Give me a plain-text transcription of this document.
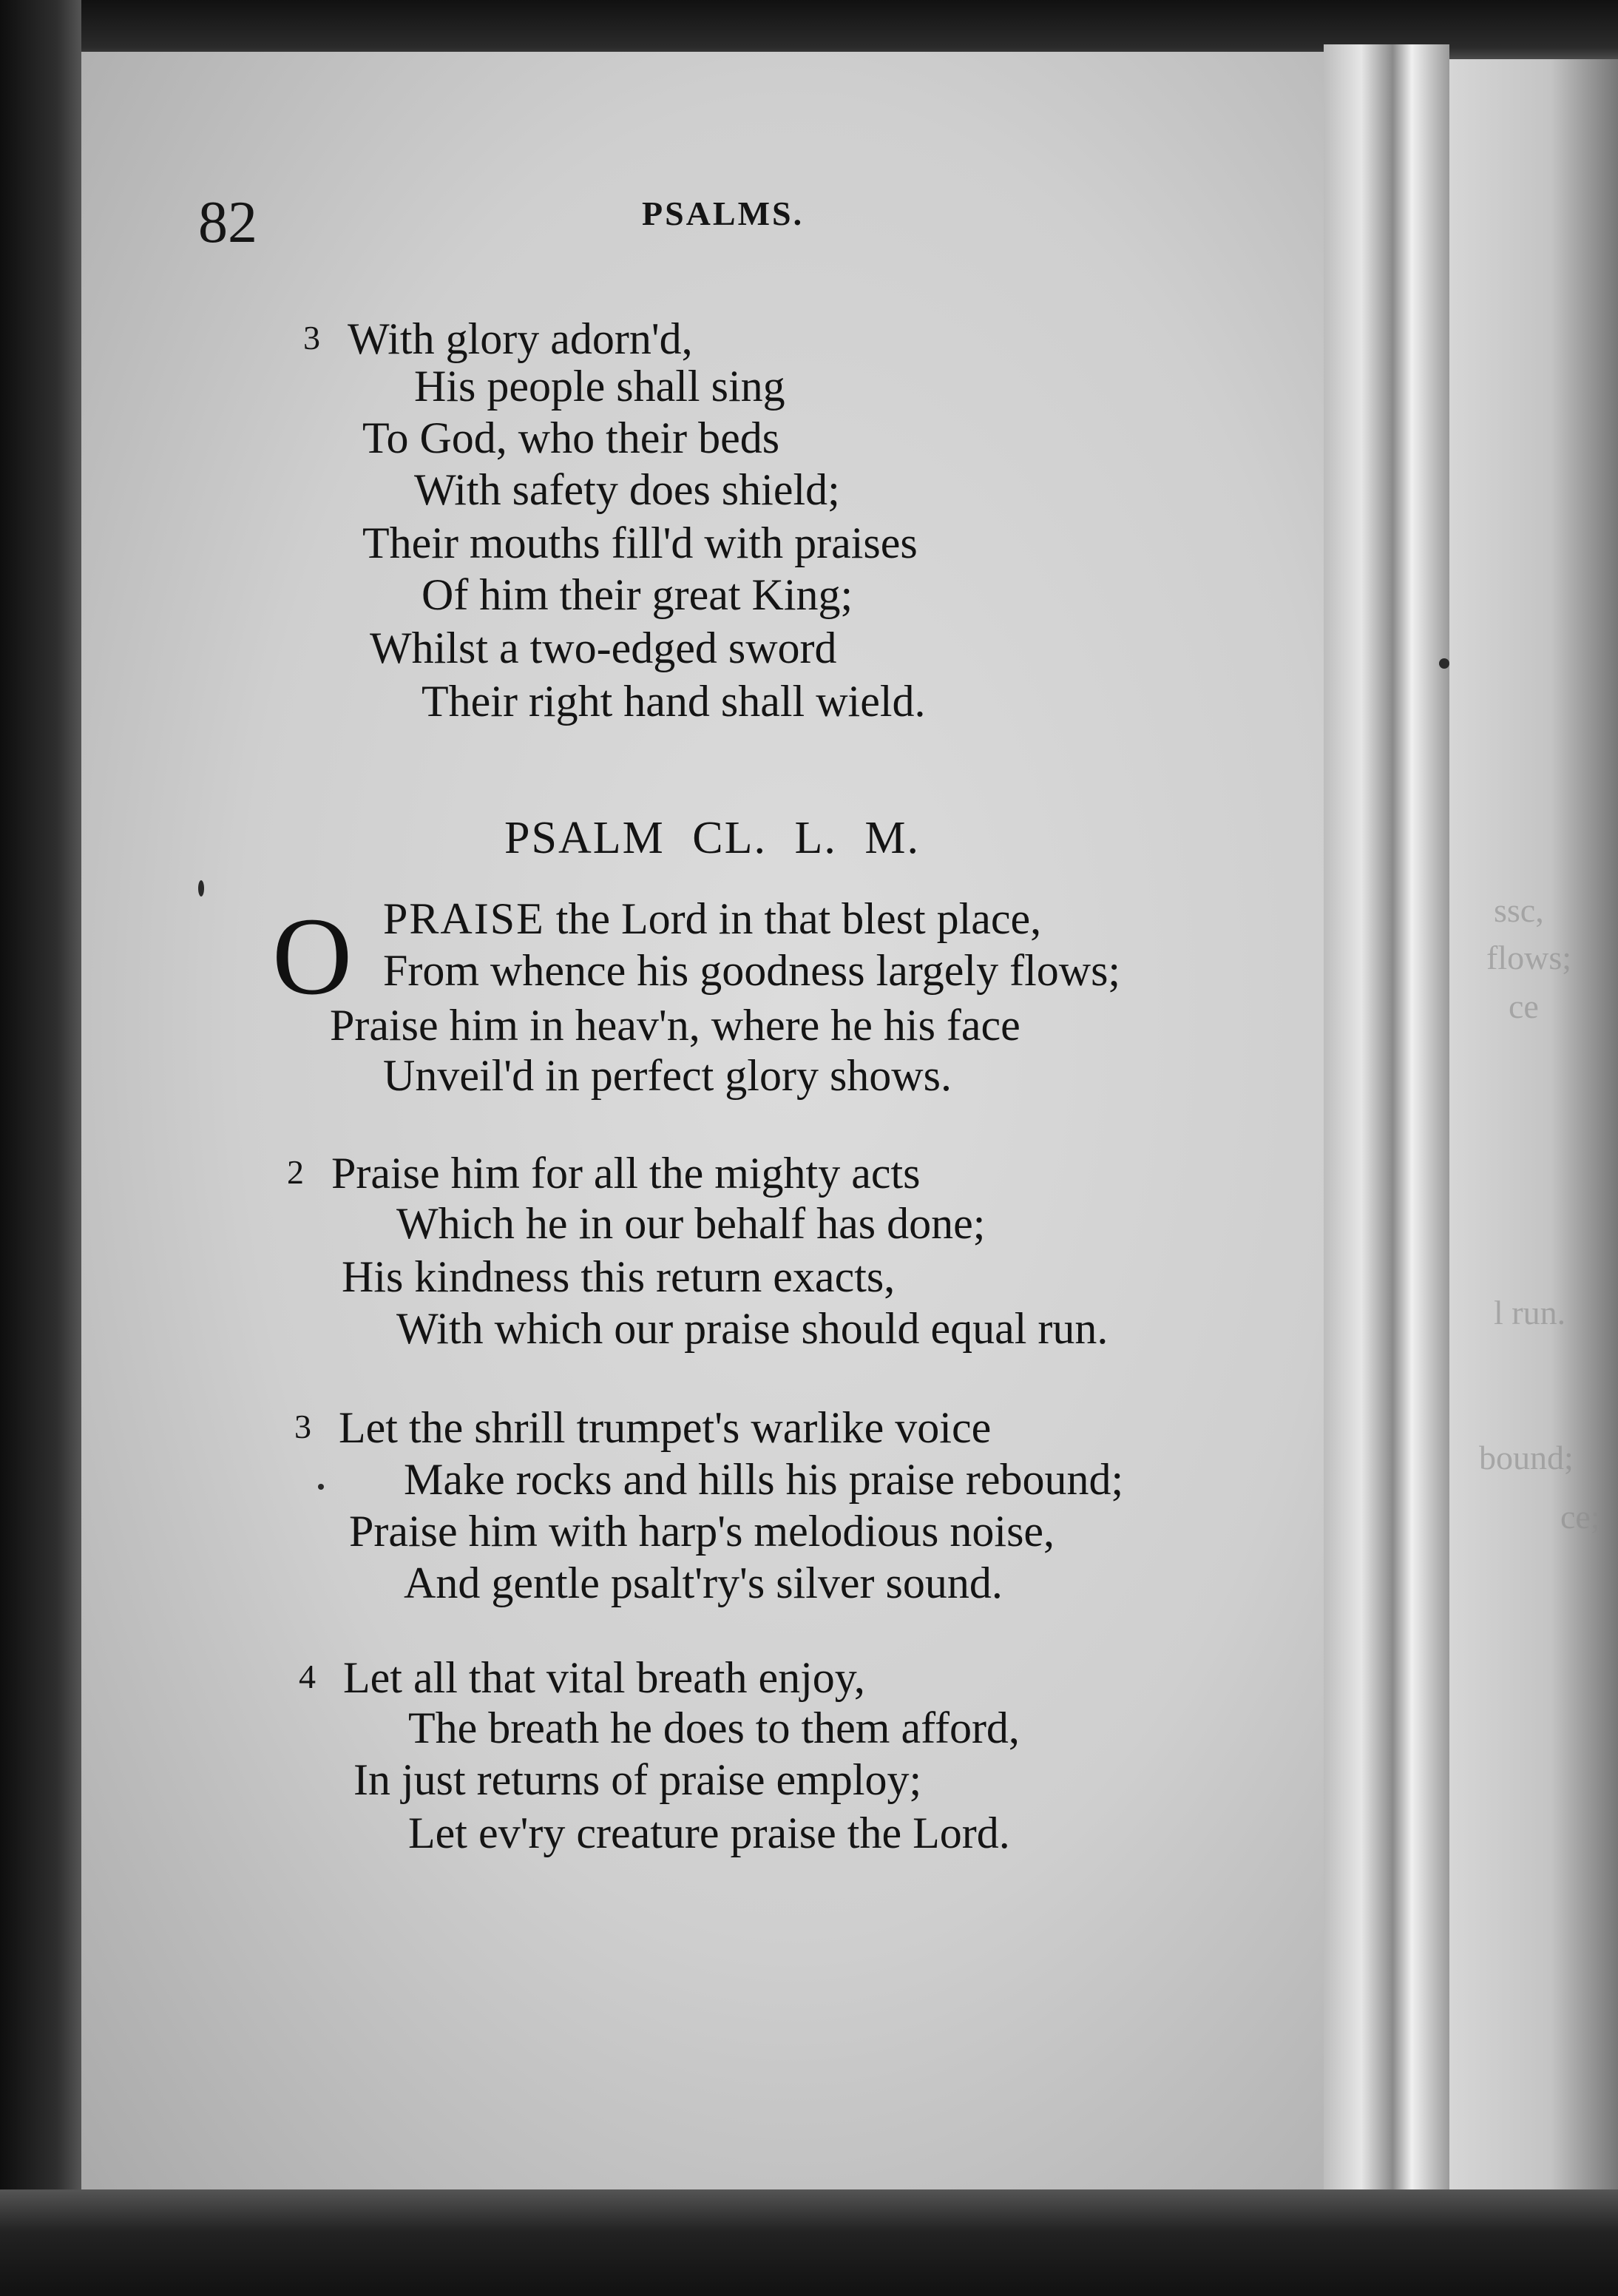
ssc,
flows;
ce
l run.
bound;
ce;

82	PSALMS.

3 With glory adorn'd,

His people shall sing

To God, who their beds

With safety does shield;

Their mouths fill'd with praises

Of him their great King;

Whilst a two-edged sword

Their right hand shall wield.

PSALM CL. L. M.

O PRAISE the Lord in that blest place,

From whence his goodness largely flows;

Praise him in heav'n, where he his face

Unveil'd in perfect glory shows.

2 Praise him for all the mighty acts

Which he in our behalf has done;

His kindness this return exacts,

With which our praise should equal run.

3 Let the shrill trumpet's warlike voice

Make rocks and hills his praise rebound;

Praise him with harp's melodious noise,

And gentle psalt'ry's silver sound.

4 Let all that vital breath enjoy,

The breath he does to them afford,

In just returns of praise employ;

Let ev'ry creature praise the Lord.
